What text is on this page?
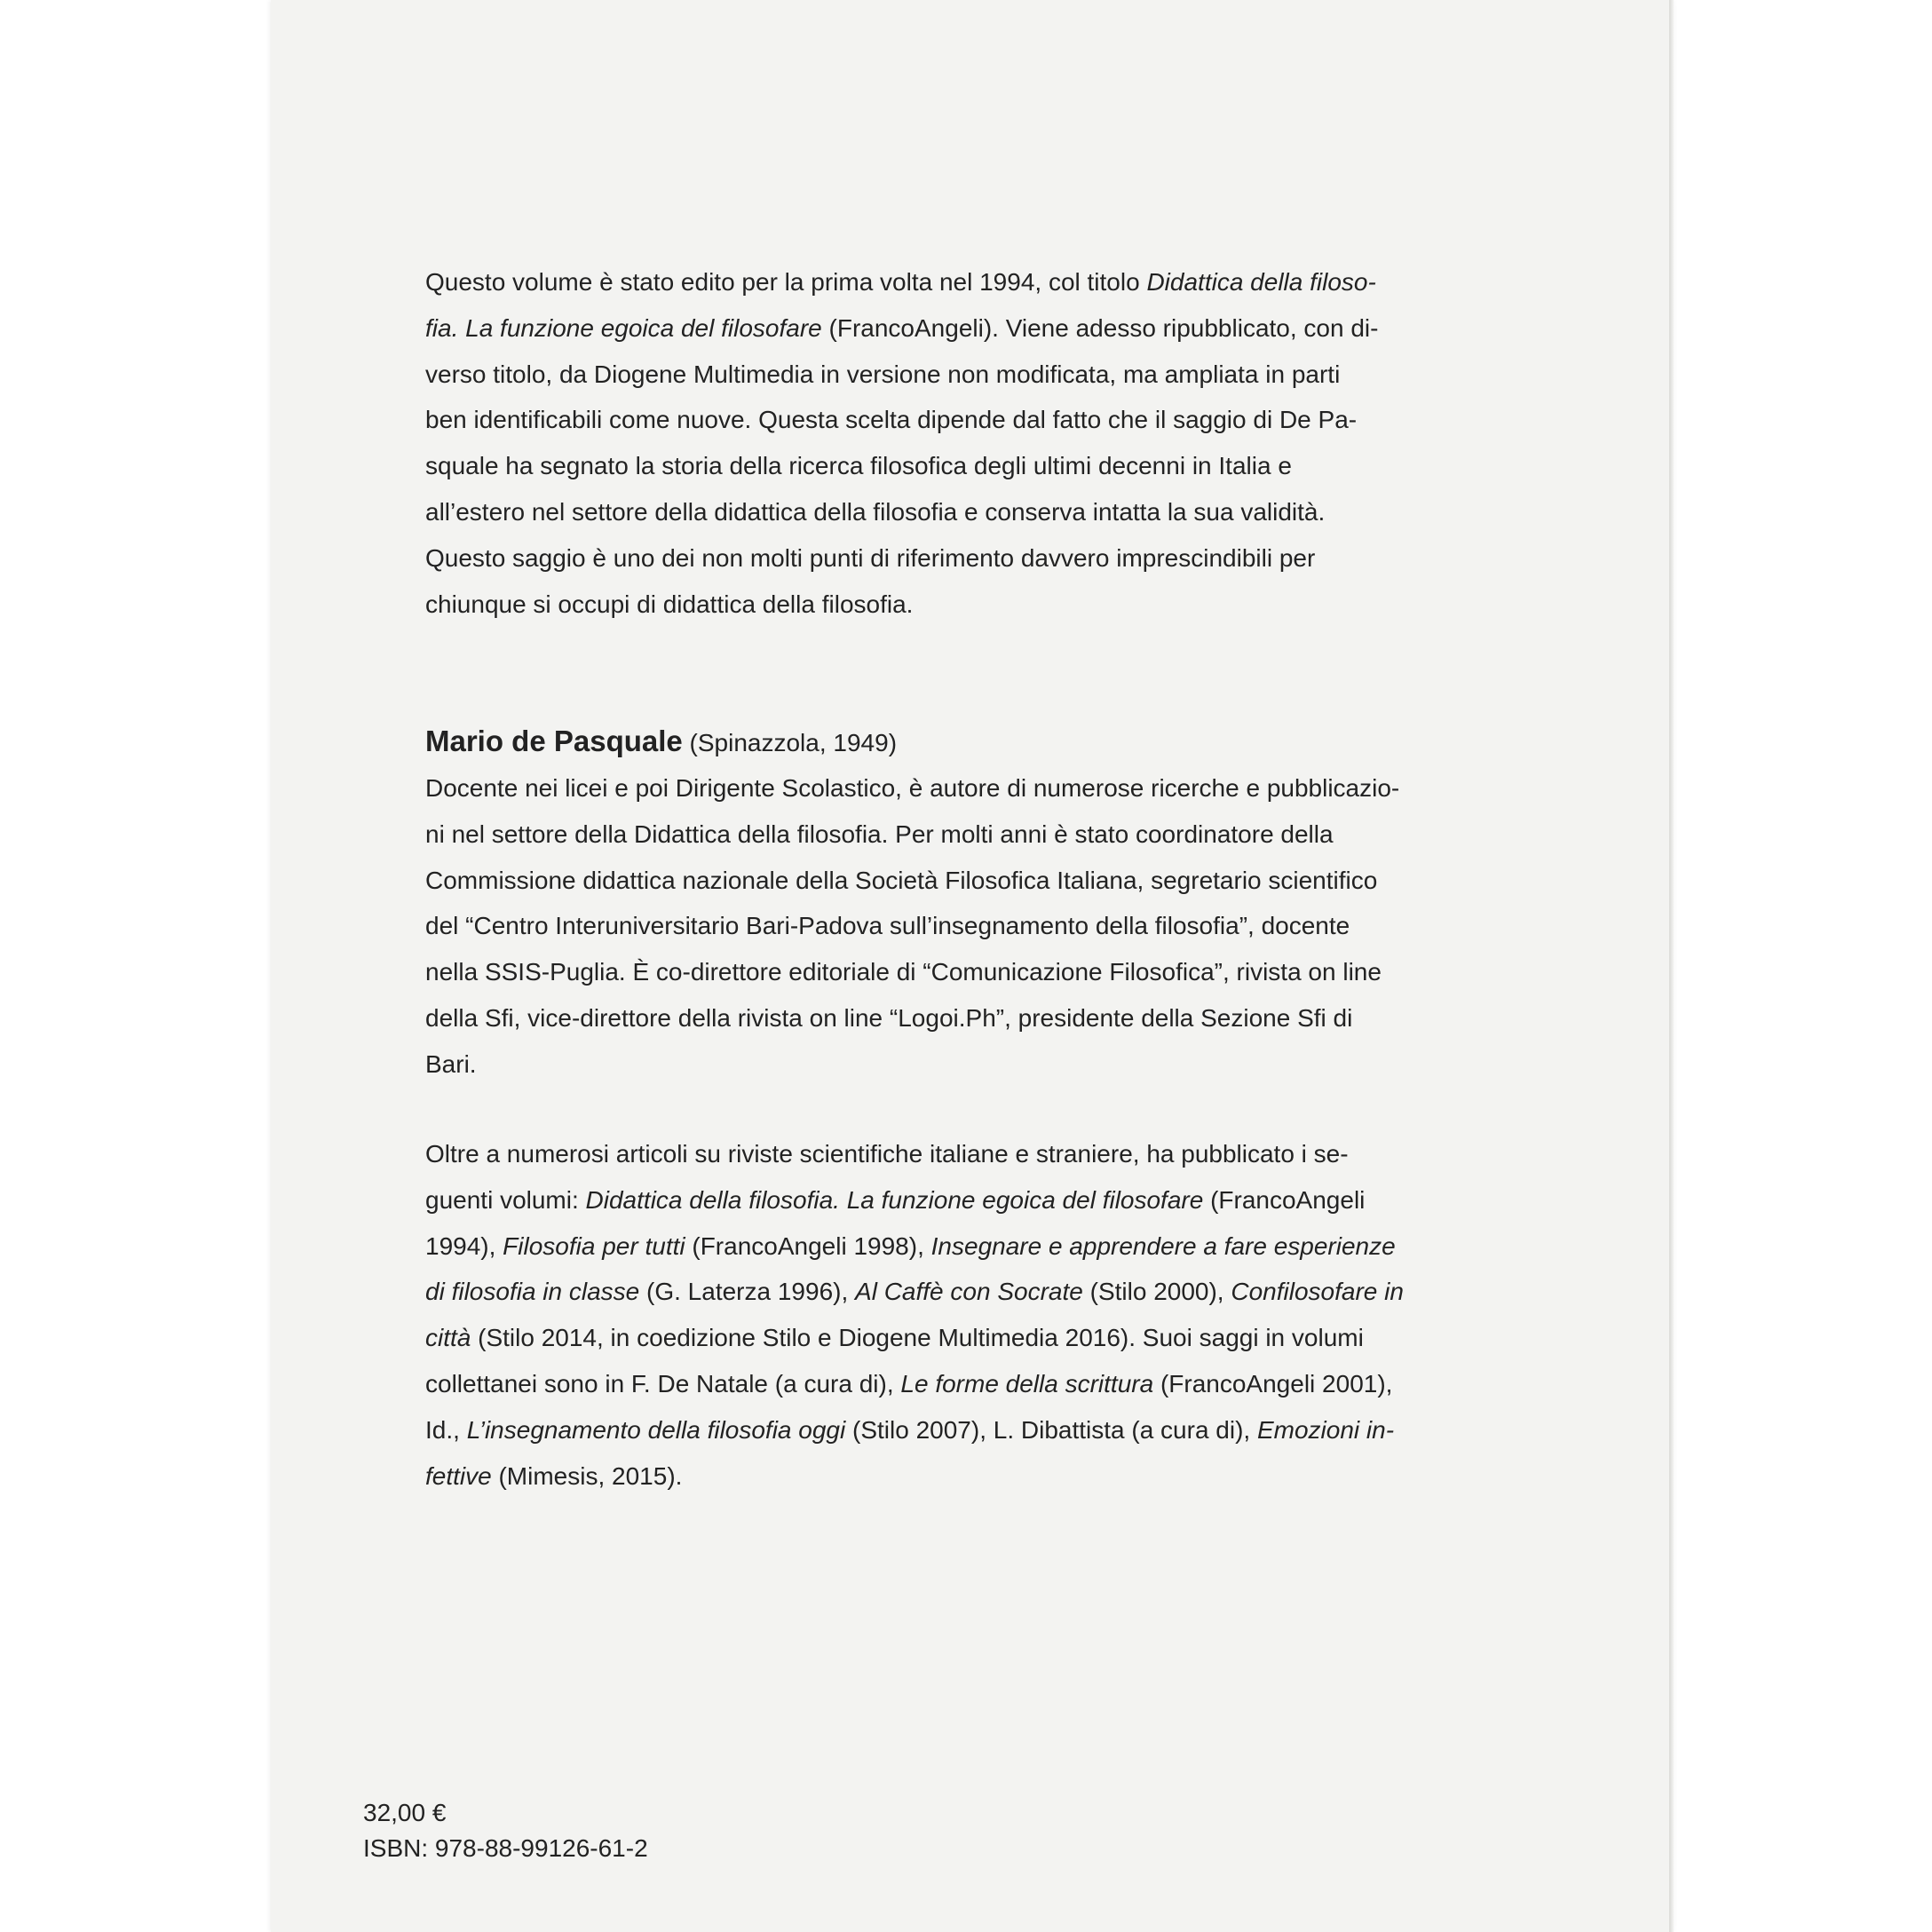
Questo volume è stato edito per la prima volta nel 1994, col titolo Didattica della filoso-
fia. La funzione egoica del filosofare (FrancoAngeli). Viene adesso ripubblicato, con di-
verso titolo, da Diogene Multimedia in versione non modificata, ma ampliata in parti
ben identificabili come nuove. Questa scelta dipende dal fatto che il saggio di De Pa-
squale ha segnato la storia della ricerca filosofica degli ultimi decenni in Italia e
all’estero nel settore della didattica della filosofia e conserva intatta la sua validità.
Questo saggio è uno dei non molti punti di riferimento davvero imprescindibili per
chiunque si occupi di didattica della filosofia.

Mario de Pasquale (Spinazzola, 1949)

Docente nei licei e poi Dirigente Scolastico, è autore di numerose ricerche e pubblicazio-
ni nel settore della Didattica della filosofia. Per molti anni è stato coordinatore della
Commissione didattica nazionale della Società Filosofica Italiana, segretario scientifico
del “Centro Interuniversitario Bari-Padova sull’insegnamento della filosofia”, docente
nella SSIS-Puglia. È co-direttore editoriale di “Comunicazione Filosofica”, rivista on line
della Sfi, vice-direttore della rivista on line “Logoi.Ph”, presidente della Sezione Sfi di
Bari.

Oltre a numerosi articoli su riviste scientifiche italiane e straniere, ha pubblicato i se-
guenti volumi: Didattica della filosofia. La funzione egoica del filosofare (FrancoAngeli
1994), Filosofia per tutti (FrancoAngeli 1998), Insegnare e apprendere a fare esperienze
di filosofia in classe (G. Laterza 1996), Al Caffè con Socrate (Stilo 2000), Confilosofare in
città (Stilo 2014, in coedizione Stilo e Diogene Multimedia 2016). Suoi saggi in volumi
collettanei sono in F. De Natale (a cura di), Le forme della scrittura (FrancoAngeli 2001),
Id., L’insegnamento della filosofia oggi (Stilo 2007), L. Dibattista (a cura di), Emozioni in-
fettive (Mimesis, 2015).

32,00 €
ISBN: 978-88-99126-61-2
